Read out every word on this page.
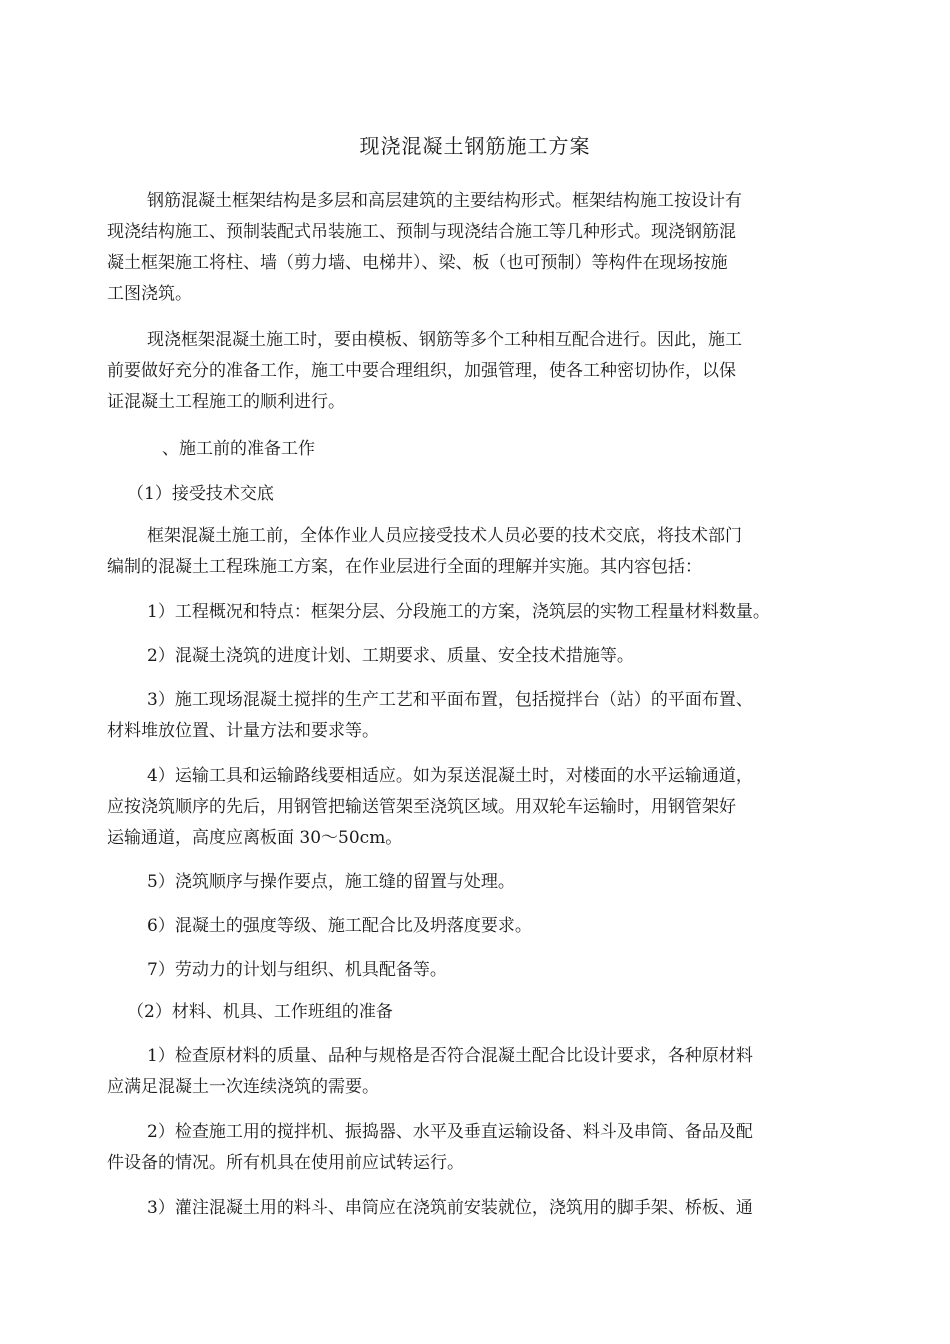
现浇混凝土钢筋施工方案
钢筋混凝土框架结构是多层和高层建筑的主要结构形式。框架结构施工按设计有
现浇结构施工、预制装配式吊装施工、预制与现浇结合施工等几种形式。现浇钢筋混
凝土框架施工将柱、墙（剪力墙、电梯井）、梁、板（也可预制）等构件在现场按施
工图浇筑。
现浇框架混凝土施工时，要由模板、钢筋等多个工种相互配合进行。因此，施工
前要做好充分的准备工作，施工中要合理组织，加强管理，使各工种密切协作，以保
证混凝土工程施工的顺利进行。
、施工前的准备工作
（1）接受技术交底
框架混凝土施工前，全体作业人员应接受技术人员必要的技术交底，将技术部门
编制的混凝土工程珠施工方案，在作业层进行全面的理解并实施。其内容包括：
1）工程概况和特点：框架分层、分段施工的方案，浇筑层的实物工程量材料数量。
2）混凝土浇筑的进度计划、工期要求、质量、安全技术措施等。
3）施工现场混凝土搅拌的生产工艺和平面布置，包括搅拌台（站）的平面布置、
材料堆放位置、计量方法和要求等。
4）运输工具和运输路线要相适应。如为泵送混凝土时，对楼面的水平运输通道，
应按浇筑顺序的先后，用钢管把输送管架至浇筑区域。用双轮车运输时，用钢管架好
运输通道，高度应离板面 30〜50cm。
5）浇筑顺序与操作要点，施工缝的留置与处理。
6）混凝土的强度等级、施工配合比及坍落度要求。
7）劳动力的计划与组织、机具配备等。
（2）材料、机具、工作班组的准备
1）检查原材料的质量、品种与规格是否符合混凝土配合比设计要求，各种原材料
应满足混凝土一次连续浇筑的需要。
2）检查施工用的搅拌机、振捣器、水平及垂直运输设备、料斗及串筒、备品及配
件设备的情况。所有机具在使用前应试转运行。
3）灌注混凝土用的料斗、串筒应在浇筑前安装就位，浇筑用的脚手架、桥板、通
